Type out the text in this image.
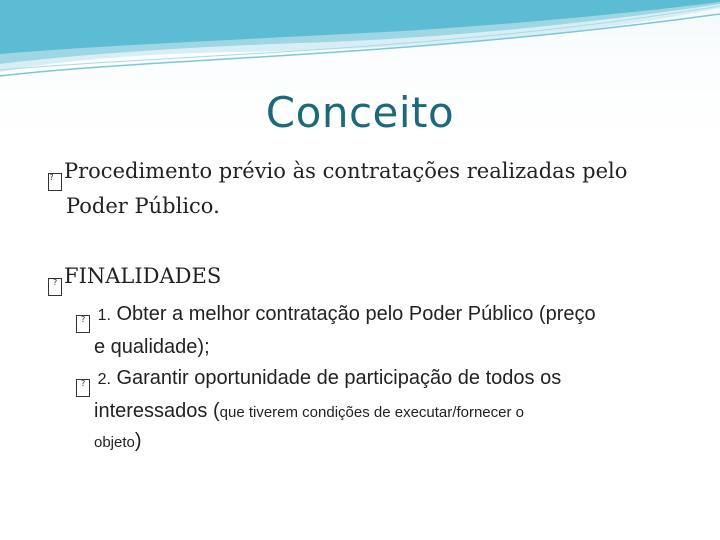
Conceito
? Procedimento prévio às contratações realizadas pelo
Poder Público.
? FINALIDADES
? 1. Obter a melhor contratação pelo Poder Público (preço
e qualidade);
? 2. Garantir oportunidade de participação de todos os
interessados (que tiverem condições de executar/fornecer o
objeto)
